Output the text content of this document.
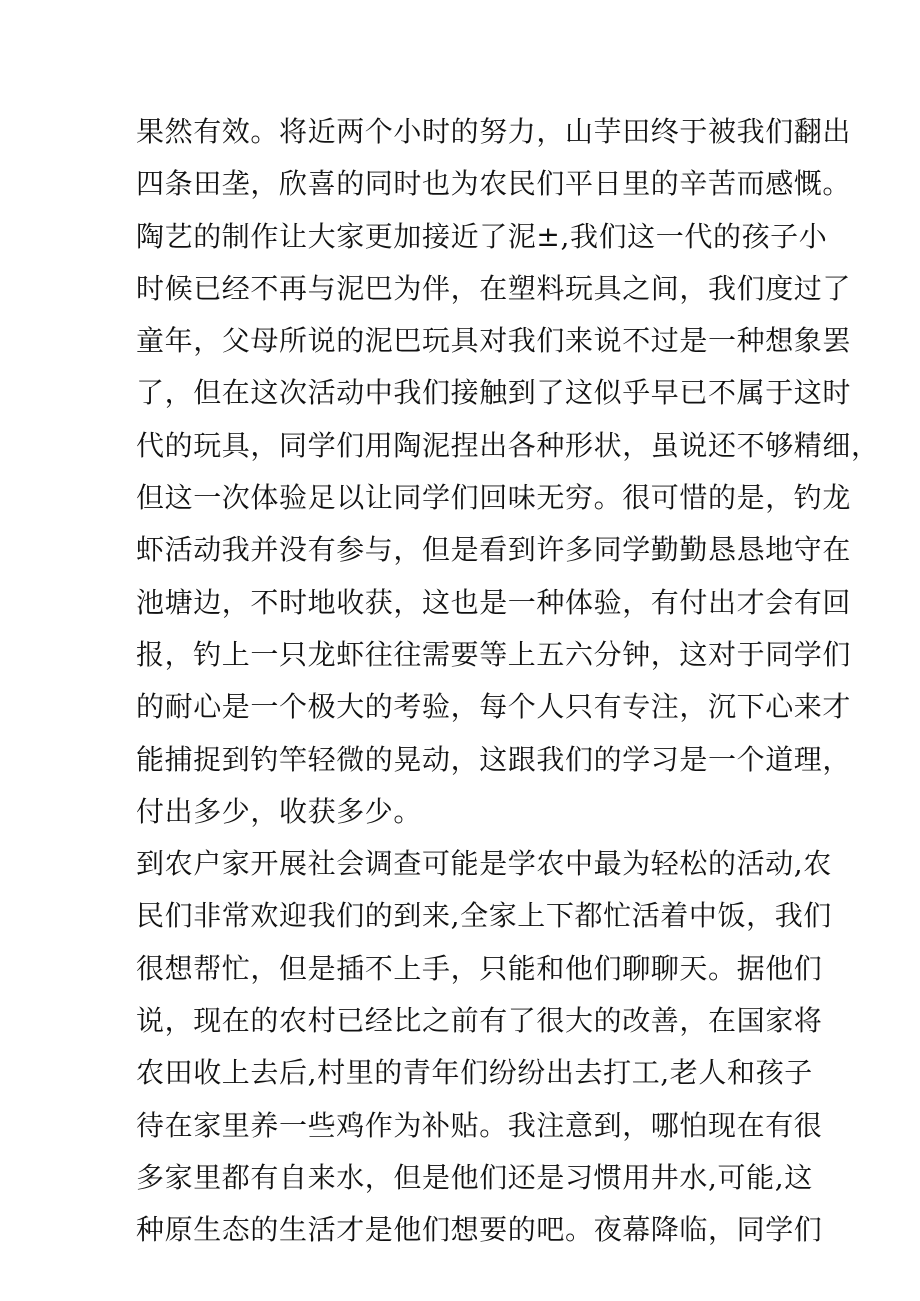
果然有效。将近两个小时的努力，山芋田终于被我们翻出
四条田垄，欣喜的同时也为农民们平日里的辛苦而感慨。
陶艺的制作让大家更加接近了泥±,我们这一代的孩子小
时候已经不再与泥巴为伴，在塑料玩具之间，我们度过了
童年，父母所说的泥巴玩具对我们来说不过是一种想象罢
了，但在这次活动中我们接触到了这似乎早已不属于这时
代的玩具，同学们用陶泥捏出各种形状，虽说还不够精细，
但这一次体验足以让同学们回味无穷。很可惜的是，钓龙
虾活动我并没有参与，但是看到许多同学勤勤恳恳地守在
池塘边，不时地收获，这也是一种体验，有付出才会有回
报，钓上一只龙虾往往需要等上五六分钟，这对于同学们
的耐心是一个极大的考验，每个人只有专注，沉下心来才
能捕捉到钓竿轻微的晃动，这跟我们的学习是一个道理，
付出多少，收获多少。
到农户家开展社会调查可能是学农中最为轻松的活动,农
民们非常欢迎我们的到来,全家上下都忙活着中饭，我们
很想帮忙，但是插不上手，只能和他们聊聊天。据他们
说，现在的农村已经比之前有了很大的改善，在国家将
农田收上去后,村里的青年们纷纷出去打工,老人和孩子
待在家里养一些鸡作为补贴。我注意到，哪怕现在有很
多家里都有自来水，但是他们还是习惯用井水,可能,这
种原生态的生活才是他们想要的吧。夜幕降临，同学们
